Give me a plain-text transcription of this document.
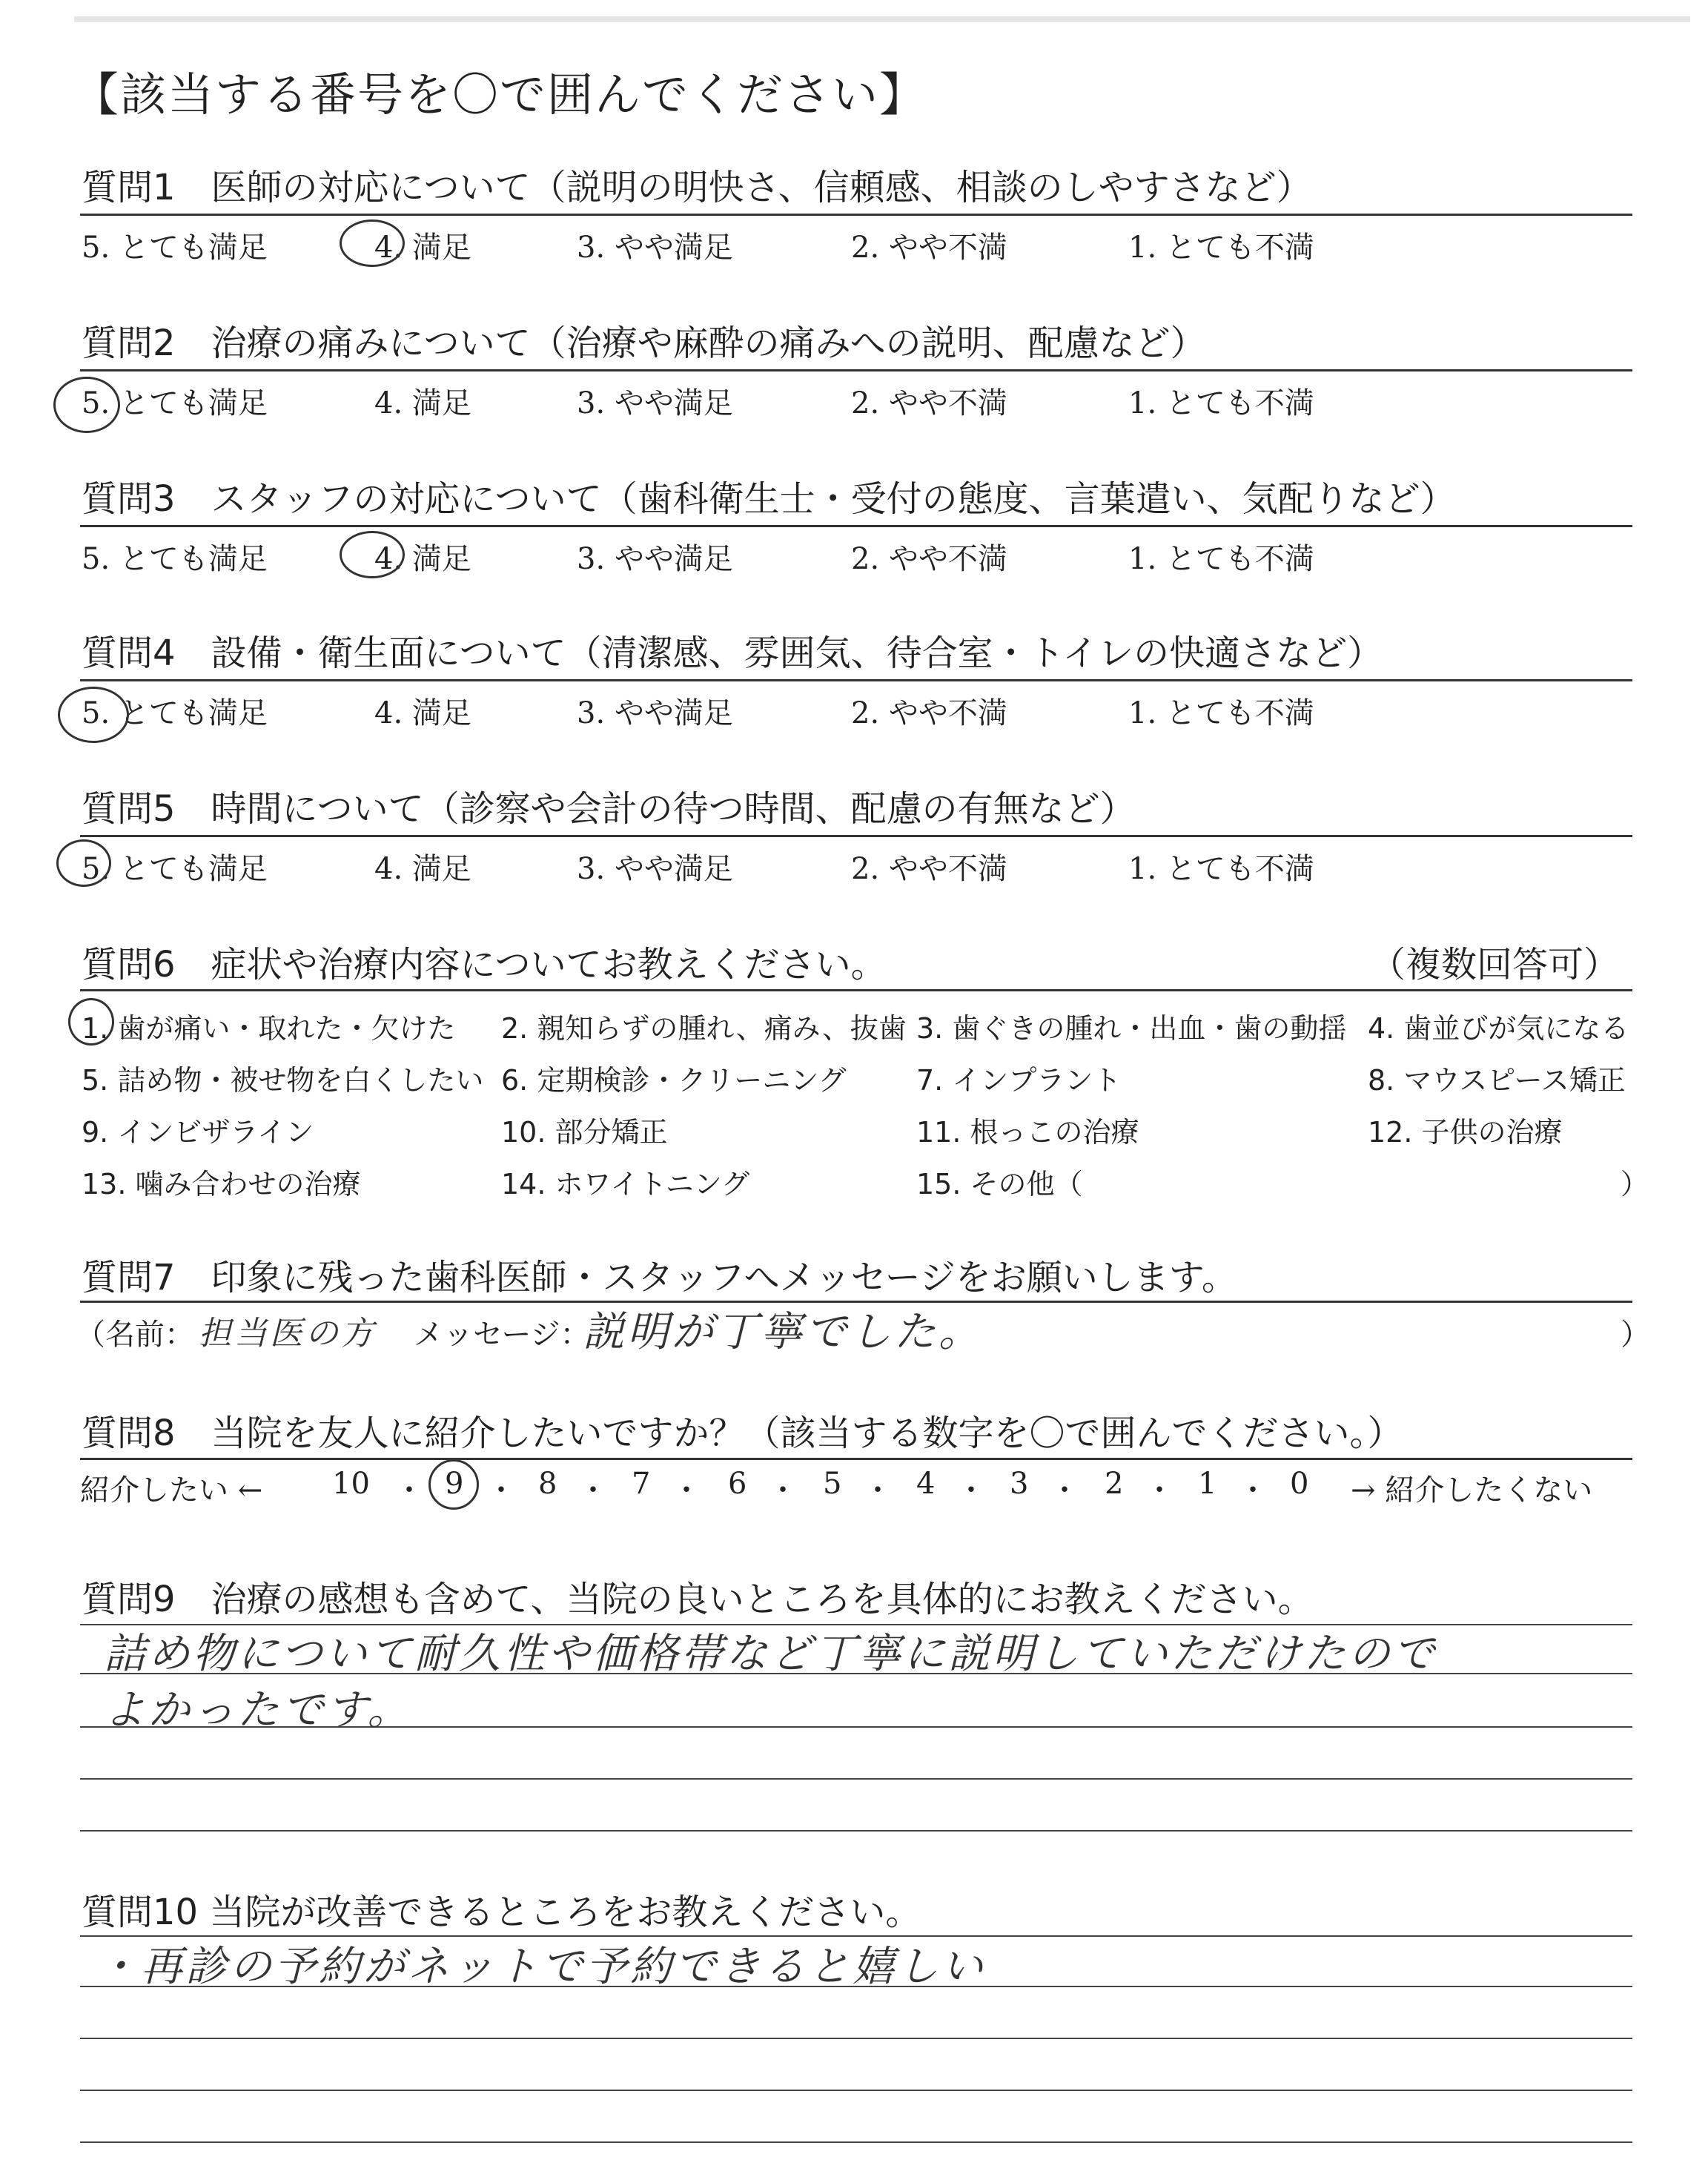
【該当する番号を〇で囲んでください】
質問1　医師の対応について（説明の明快さ、信頼感、相談のしやすさなど）
5. とても満足	4. 満足	3. やや満足	2. やや不満	1. とても不満
質問2　治療の痛みについて（治療や麻酔の痛みへの説明、配慮など）
5. とても満足	4. 満足	3. やや満足	2. やや不満	1. とても不満
質問3　スタッフの対応について（歯科衛生士・受付の態度、言葉遣い、気配りなど）
5. とても満足	4. 満足	3. やや満足	2. やや不満	1. とても不満
質問4　設備・衛生面について（清潔感、雰囲気、待合室・トイレの快適さなど）
5. とても満足	4. 満足	3. やや満足	2. やや不満	1. とても不満
質問5　時間について（診察や会計の待つ時間、配慮の有無など）
5. とても満足	4. 満足	3. やや満足	2. やや不満	1. とても不満
質問6　症状や治療内容についてお教えください。	（複数回答可）
1. 歯が痛い・取れた・欠けた 2. 親知らずの腫れ、痛み、抜歯 3. 歯ぐきの腫れ・出血・歯の動揺 4. 歯並びが気になる
5. 詰め物・被せ物を白くしたい 6. 定期検診・クリーニング 7. インプラント	8. マウスピース矯正
9. インビザライン	10. 部分矯正	11. 根っこの治療	12. 子供の治療
13. 噛み合わせの治療	14. ホワイトニング	15. その他（	）
質問7　印象に残った歯科医師・スタッフへメッセージをお願いします。
（名前： 担当医の方 メッセージ：
説明が丁寧でした。	）
質問8　当院を友人に紹介したいですか？（該当する数字を〇で囲んでください。）
紹介したい ← 10 ・ 9 ・ 8 ・ 7 ・ 6 ・ 5 ・ 4 ・ 3 ・ 2 ・ 1 ・ 0 → 紹介したくない
質問9　治療の感想も含めて、当院の良いところを具体的にお教えください。
詰め物について耐久性や価格帯など丁寧に説明していただけたので
よかったです。
質問10 当院が改善できるところをお教えください。
・再診の予約がネットで予約できると嬉しい
